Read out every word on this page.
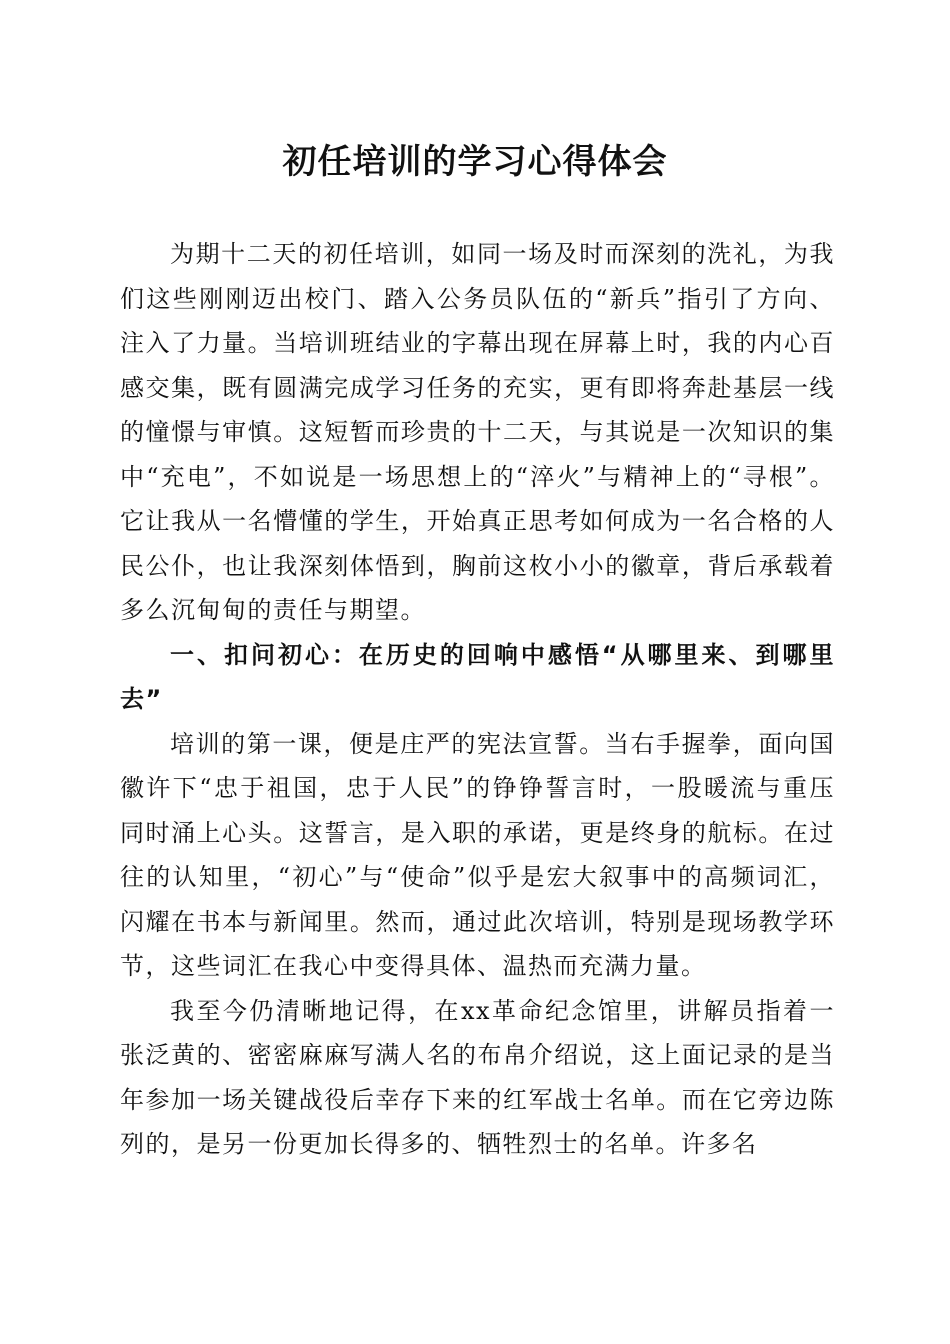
初任培训的学习心得体会

为期十二天的初任培训，如同一场及时而深刻的洗礼，为我们这些刚刚迈出校门、踏入公务员队伍的“新兵”指引了方向、注入了力量。当培训班结业的字幕出现在屏幕上时，我的内心百感交集，既有圆满完成学习任务的充实，更有即将奔赴基层一线的憧憬与审慎。这短暂而珍贵的十二天，与其说是一次知识的集中“充电”，不如说是一场思想上的“淬火”与精神上的“寻根”。它让我从一名懵懂的学生，开始真正思考如何成为一名合格的人民公仆，也让我深刻体悟到，胸前这枚小小的徽章，背后承载着多么沉甸甸的责任与期望。

一、扣问初心：在历史的回响中感悟“从哪里来、到哪里去”

培训的第一课，便是庄严的宪法宣誓。当右手握拳，面向国徽许下“忠于祖国，忠于人民”的铮铮誓言时，一股暖流与重压同时涌上心头。这誓言，是入职的承诺，更是终身的航标。在过往的认知里，“初心”与“使命”似乎是宏大叙事中的高频词汇，闪耀在书本与新闻里。然而，通过此次培训，特别是现场教学环节，这些词汇在我心中变得具体、温热而充满力量。

我至今仍清晰地记得，在xx革命纪念馆里，讲解员指着一张泛黄的、密密麻麻写满人名的布帛介绍说，这上面记录的是当年参加一场关键战役后幸存下来的红军战士名单。而在它旁边陈列的，是另一份更加长得多的、牺牲烈士的名单。许多名
